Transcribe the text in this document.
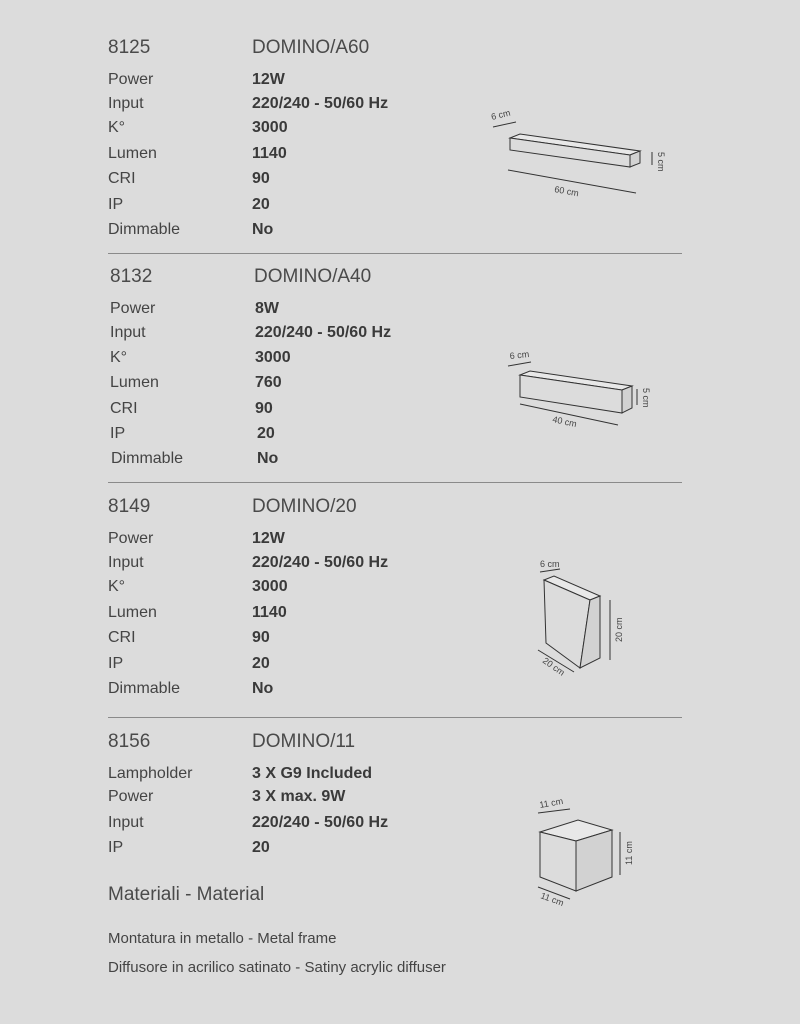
8125	DOMINO/A60
Power	12W
Input	220/240 - 50/60 Hz
K°	3000
Lumen	1140
CRI	90
IP	20
Dimmable	No
6 cm
60 cm
5 cm
8132	DOMINO/A40
Power	8W
Input	220/240 - 50/60 Hz
K°	3000
Lumen	760
CRI	90
IP	20
Dimmable	No
6 cm
40 cm
5 cm
8149	DOMINO/20
Power	12W
Input	220/240 - 50/60 Hz
K°	3000
Lumen	1140
CRI	90
IP	20
Dimmable	No
6 cm
20 cm
20 cm
8156	DOMINO/11
Lampholder	3 X G9 Included
Power	3 X max. 9W
Input	220/240 - 50/60 Hz
IP	20
11 cm
11 cm
11 cm
Materiali - Material
Montatura in metallo - Metal frame
Diffusore in acrilico satinato - Satiny acrylic diffuser
